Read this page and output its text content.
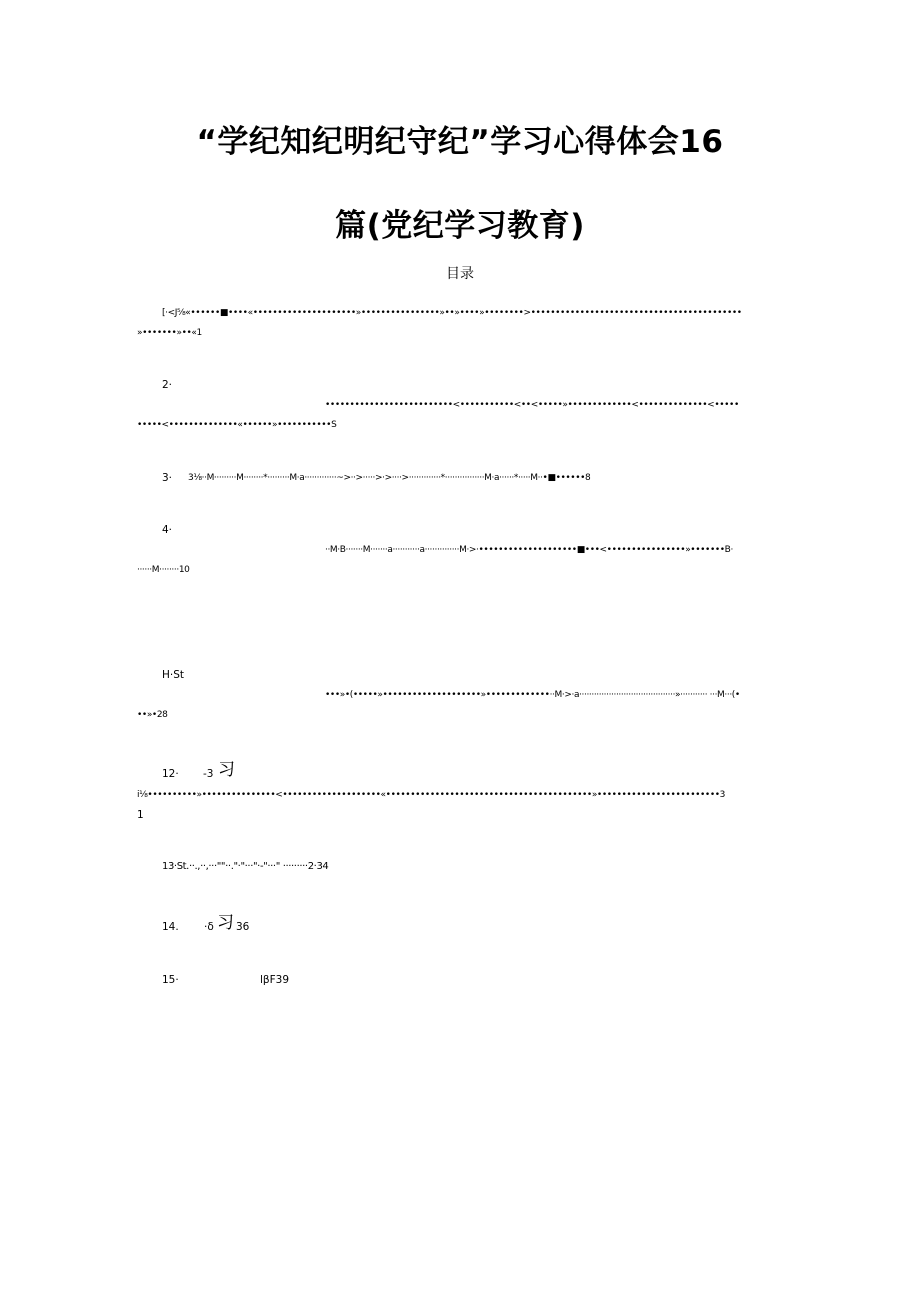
“学纪知纪明纪守纪”学习心得体会16
篇(党纪学习教育)
目录
[·<J⅝«••••••■••••«•••••••••••••••••••••»••••••••••••••••»••»••••»••••••••>•••••••••••••••••••••••••••••••••••••••••••
»•••••••»••«1
2·
••••••••••••••••••••••••••<•••••••••••<••<•••••»•••••••••••••<••••••••••••••<•••••
•••••<••••••••••••••«••••••»•••••••••••S
3· 3⅛··M·········M········*·········M·a·············~>··>·····>·>····>·············*················M·a······*·····M··•■••••••8
4·
··M·B·······M·······a···········a··············M·>·••••••••••••••••••••■•••<••••••••••••••••»•••••••B·
······M········10
H·St
•••»•(•••••»••••••••••••••••••••»•••••••••••••··M·>·a·······································»··········· ···M···(•
••»•28
12· -3 习
i⅛••••••••••»•••••••••••••••<••••••••••••••••••••«••••••••••••••••••••••••••••••••••••••••••»•••••••••••••••••••••••••3
1
13·St.··.,··,···""··."·"···"·-"···" ·········2·34
14. ·δ 习 36
15·	lβF39
